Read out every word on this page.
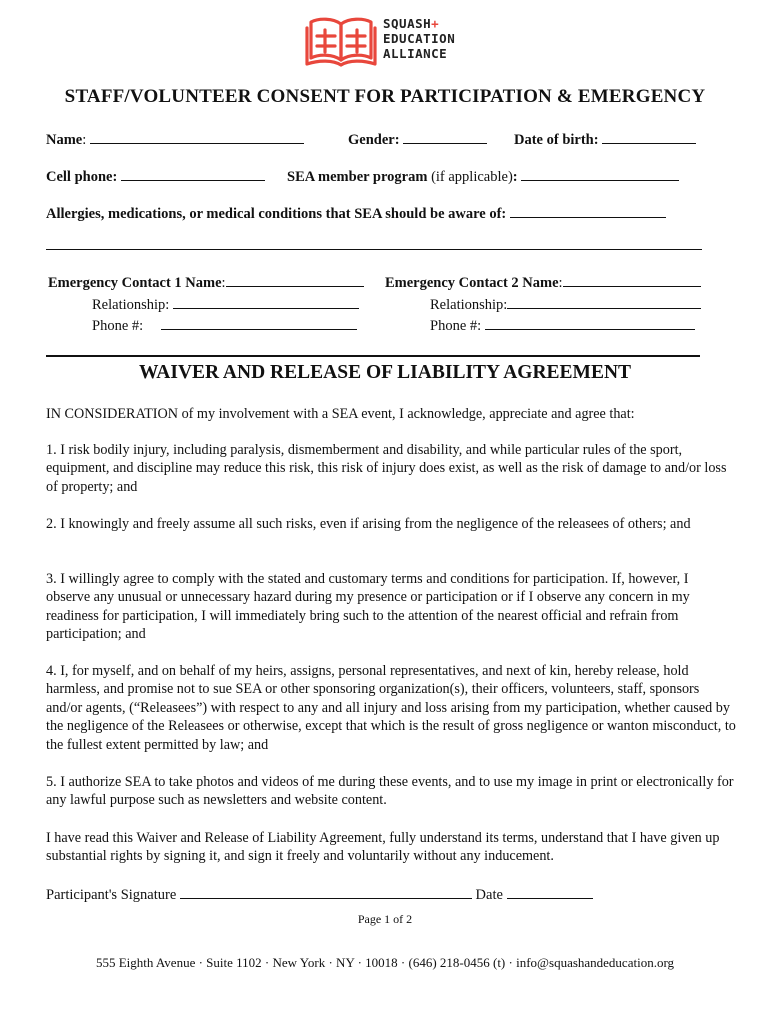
SQUASH+
EDUCATION
ALLIANCE
STAFF/VOLUNTEER CONSENT FOR PARTICIPATION & EMERGENCY
Name:	Gender:	Date of birth:
Cell phone:	SEA member program (if applicable):
Allergies, medications, or medical conditions that SEA should be aware of:
Emergency Contact 1 Name:
Relationship:
Phone #:
Emergency Contact 2 Name:
Relationship:
Phone #:
WAIVER AND RELEASE OF LIABILITY AGREEMENT
IN CONSIDERATION of my involvement with a SEA event, I acknowledge, appreciate and agree that:
1. I risk bodily injury, including paralysis, dismemberment and disability, and while particular rules of the sport, equipment, and discipline may reduce this risk, this risk of injury does exist, as well as the risk of damage to and/or loss of property; and
2. I knowingly and freely assume all such risks, even if arising from the negligence of the releasees of others; and
3. I willingly agree to comply with the stated and customary terms and conditions for participation. If, however, I observe any unusual or unnecessary hazard during my presence or participation or if I observe any concern in my readiness for participation, I will immediately bring such to the attention of the nearest official and refrain from participation; and
4. I, for myself, and on behalf of my heirs, assigns, personal representatives, and next of kin, hereby release, hold harmless, and promise not to sue SEA or other sponsoring organization(s), their officers, volunteers, staff, sponsors and/or agents, (“Releasees”) with respect to any and all injury and loss arising from my participation, whether caused by the negligence of the Releasees or otherwise, except that which is the result of gross negligence or wanton misconduct, to the fullest extent permitted by law; and
5. I authorize SEA to take photos and videos of me during these events, and to use my image in print or electronically for any lawful purpose such as newsletters and website content.
I have read this Waiver and Release of Liability Agreement, fully understand its terms, understand that I have given up substantial rights by signing it, and sign it freely and voluntarily without any inducement.
Participant's Signature	Date
Page 1 of 2
555 Eighth Avenue · Suite 1102 · New York · NY · 10018 · (646) 218-0456 (t) · info@squashandeducation.org
